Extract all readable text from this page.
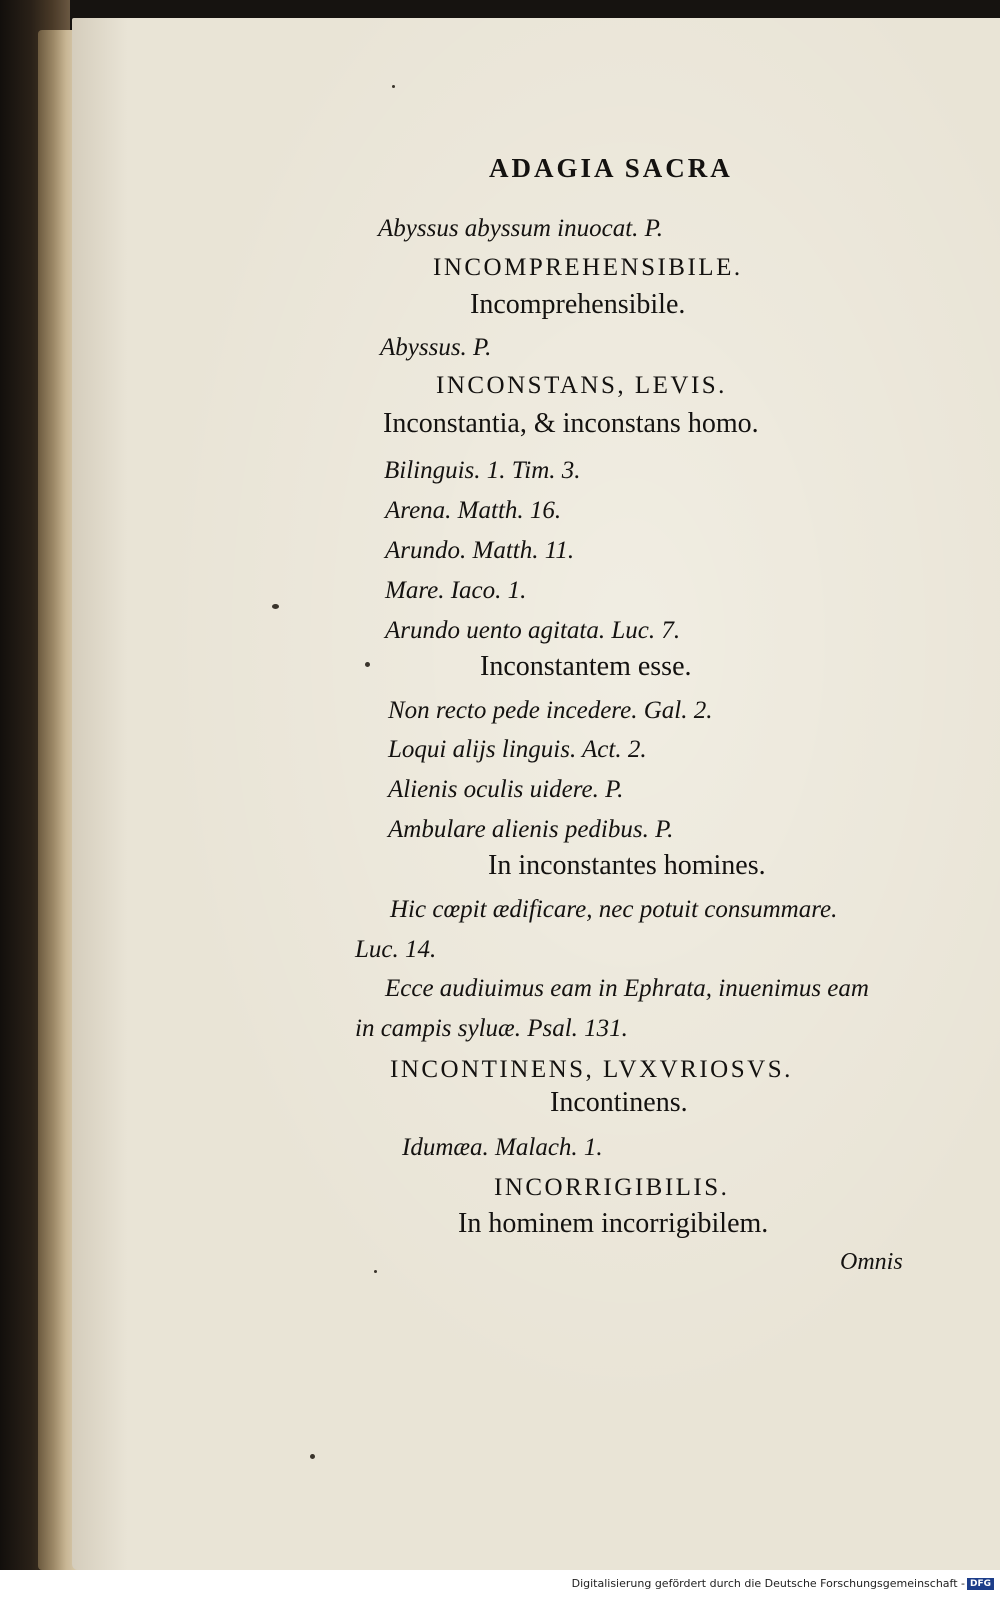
ADAGIA SACRA
Abyssus abyssum inuocat. P.
INCOMPREHENSIBILE.
Incomprehensibile.
Abyssus. P.
INCONSTANS, LEVIS.
Inconstantia, & inconstans homo.
Bilinguis. 1. Tim. 3.
Arena. Matth. 16.
Arundo. Matth. 11.
Mare. Iaco. 1.
Arundo uento agitata. Luc. 7.
Inconstantem esse.
Non recto pede incedere. Gal. 2.
Loqui alijs linguis. Act. 2.
Alienis oculis uidere. P.
Ambulare alienis pedibus. P.
In inconstantes homines.
Hic cœpit ædificare, nec potuit consummare.
Luc. 14.
Ecce audiuimus eam in Ephrata, inuenimus eam
in campis syluæ. Psal. 131.
INCONTINENS, LVXVRIOSVS.
Incontinens.
Idumæa. Malach. 1.
INCORRIGIBILIS.
In hominem incorrigibilem.
Omnis
Digitalisierung gefördert durch die Deutsche Forschungsgemeinschaft - DFG
